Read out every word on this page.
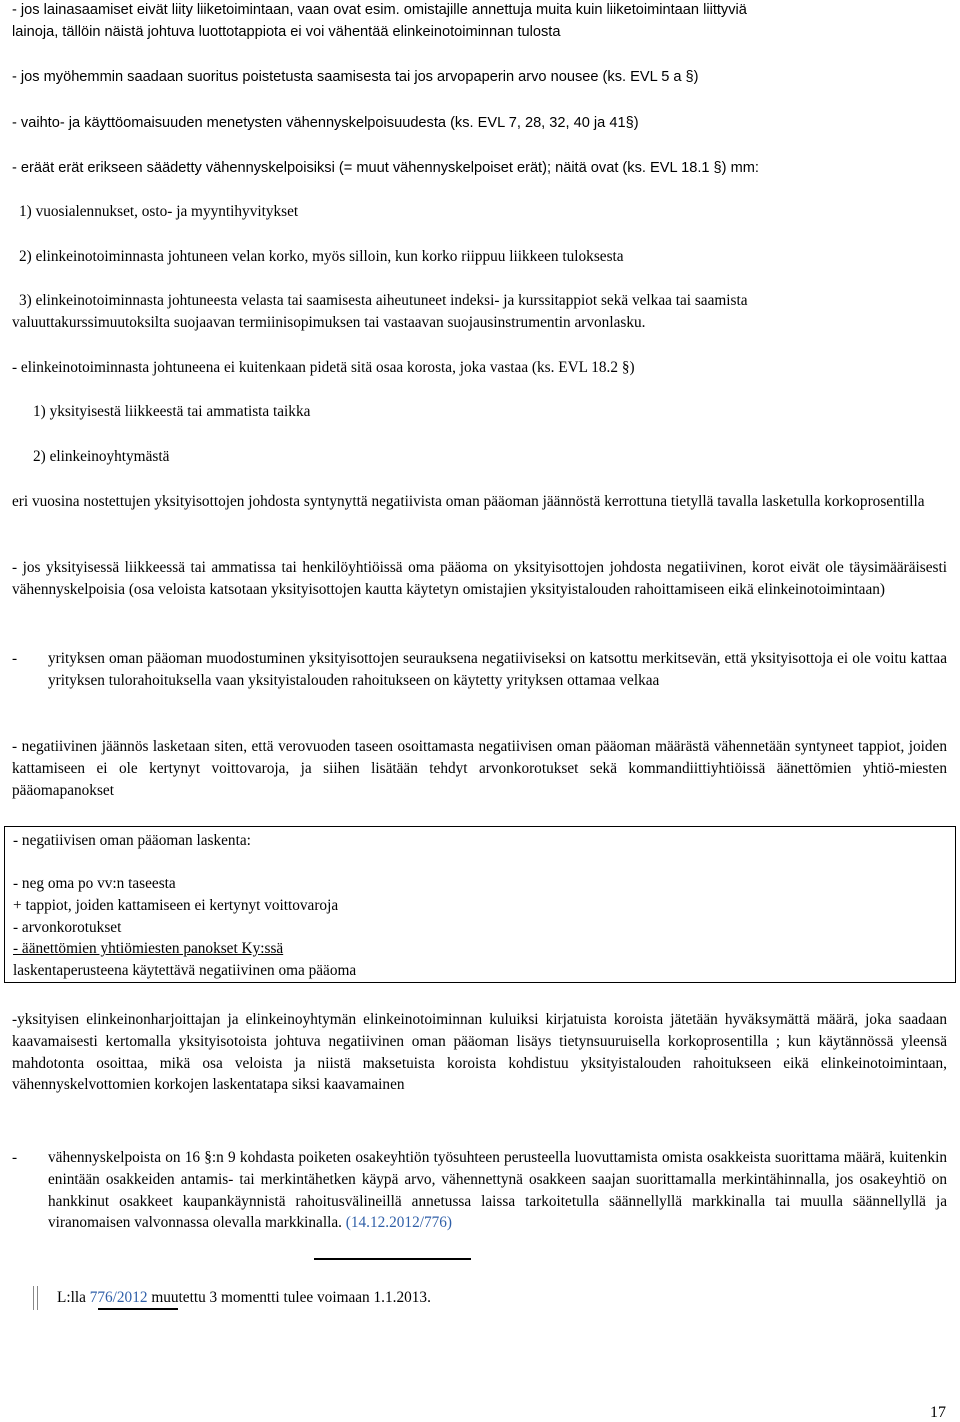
- jos lainasaamiset eivät liity liiketoimintaan, vaan ovat esim. omistajille annettuja muita kuin liiketoimintaan liittyviä
lainoja, tällöin näistä johtuva luottotappiota ei voi vähentää elinkeinotoiminnan tulosta
- jos myöhemmin saadaan suoritus poistetusta saamisesta tai jos arvopaperin arvo nousee (ks. EVL 5 a §)
- vaihto- ja käyttöomaisuuden menetysten vähennyskelpoisuudesta (ks. EVL 7, 28, 32, 40 ja 41§)
- eräät erät erikseen säädetty vähennyskelpoisiksi (= muut vähennyskelpoiset erät); näitä ovat (ks. EVL 18.1 §) mm:
1) vuosialennukset, osto- ja myyntihyvitykset
2) elinkeinotoiminnasta johtuneen velan korko, myös silloin, kun korko riippuu liikkeen tuloksesta
3) elinkeinotoiminnasta johtuneesta velasta tai saamisesta aiheutuneet indeksi- ja kurssitappiot sekä velkaa tai saamista
valuuttakurssimuutoksilta suojaavan termiinisopimuksen tai vastaavan suojausinstrumentin arvonlasku.
- elinkeinotoiminnasta johtuneena ei kuitenkaan pidetä sitä osaa korosta, joka vastaa (ks. EVL 18.2 §)
1) yksityisestä liikkeestä tai ammatista taikka
2) elinkeinoyhtymästä
eri vuosina nostettujen yksityisottojen johdosta syntynyttä negatiivista oman pääoman jäännöstä kerrottuna tietyllä tavalla lasketulla korkoprosentilla
- jos yksityisessä liikkeessä tai ammatissa tai henkilöyhtiöissä oma pääoma on yksityisottojen johdosta negatiivinen, korot eivät ole täysimääräisesti vähennyskelpoisia (osa veloista katsotaan yksityisottojen kautta käytetyn omistajien yksityistalouden rahoittamiseen eikä elinkeinotoimintaan)
- yrityksen oman pääoman muodostuminen yksityisottojen seurauksena negatiiviseksi on katsottu merkitsevän, että yksityisottoja ei ole voitu kattaa yrityksen tulorahoituksella vaan yksityistalouden rahoitukseen on käytetty yrityksen ottamaa velkaa
- negatiivinen jäännös lasketaan siten, että verovuoden taseen osoittamasta negatiivisen oman pääoman määrästä vähennetään syntyneet tappiot, joiden kattamiseen ei ole kertynyt voittovaroja, ja siihen lisätään tehdyt arvonkorotukset sekä kommandiittiyhtiöissä äänettömien yhtiö-miesten pääomapanokset
- negatiivisen oman pääoman laskenta:
- neg oma po vv:n taseesta
+ tappiot, joiden kattamiseen ei kertynyt voittovaroja
- arvonkorotukset
- äänettömien yhtiömiesten panokset Ky:ssä
laskentaperusteena käytettävä negatiivinen oma pääoma
-yksityisen elinkeinonharjoittajan ja elinkeinoyhtymän elinkeinotoiminnan kuluiksi kirjatuista koroista jätetään hyväksymättä määrä, joka saadaan kaavamaisesti kertomalla yksityisotoista johtuva negatiivinen oman pääoman lisäys tietynsuuruisella korkoprosentilla ; kun käytännössä yleensä mahdotonta osoittaa, mikä osa veloista ja niistä maksetuista koroista kohdistuu yksityistalouden rahoitukseen eikä elinkeinotoimintaan, vähennyskelvottomien korkojen laskentatapa siksi kaavamainen
- vähennyskelpoista on 16 §:n 9 kohdasta poiketen osakeyhtiön työsuhteen perusteella luovuttamista omista osakkeista suorittama määrä, kuitenkin enintään osakkeiden antamis- tai merkintähetken käypä arvo, vähennettynä osakkeen saajan suorittamalla merkintähinnalla, jos osakeyhtiö on hankkinut osakkeet kaupankäynnistä rahoitusvälineillä annetussa laissa tarkoitetulla säännellyllä markkinalla tai muulla säännellyllä ja viranomaisen valvonnassa olevalla markkinalla. (14.12.2012/776)
L:lla 776/2012 muutettu 3 momentti tulee voimaan 1.1.2013.
17
